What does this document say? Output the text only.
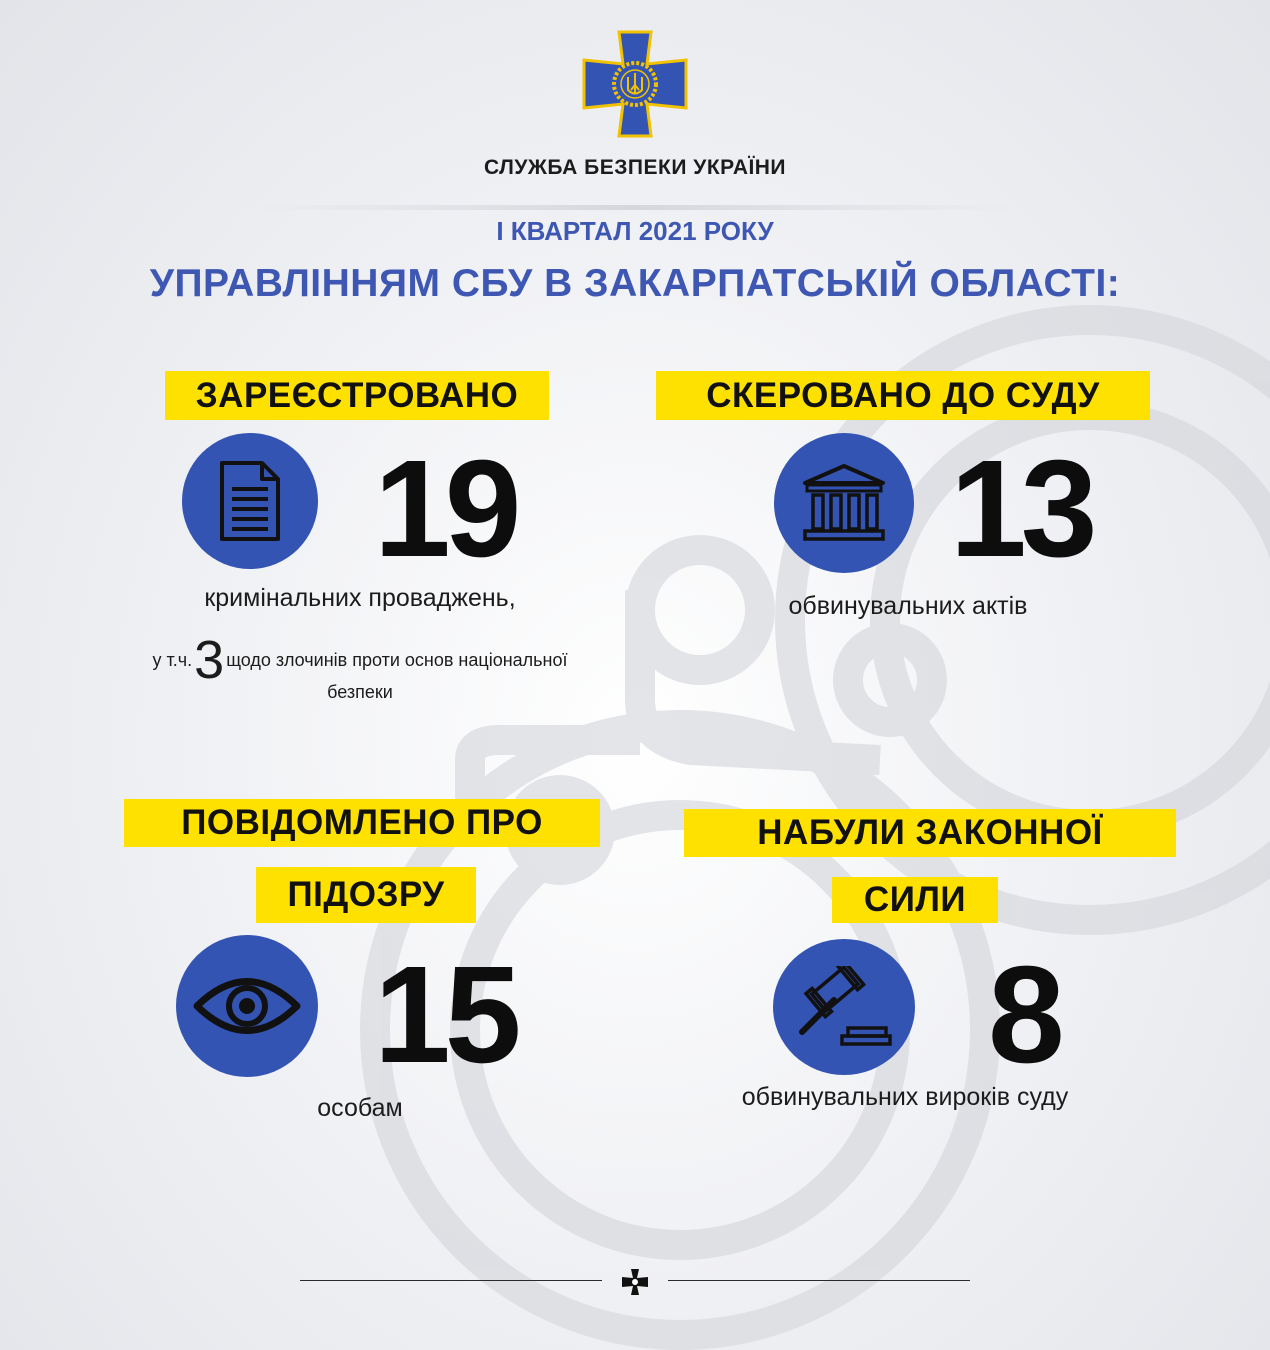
СЛУЖБА БЕЗПЕКИ УКРАЇНИ
І КВАРТАЛ 2021 РОКУ
УПРАВЛІННЯМ СБУ В ЗАКАРПАТСЬКІЙ ОБЛАСТІ:
ЗАРЕЄСТРОВАНО
19
кримінальних проваджень,
у т.ч.3 щодо злочинів проти основ національної
безпеки
СКЕРОВАНО ДО СУДУ
13
обвинувальних актів
ПОВІДОМЛЕНО ПРО
ПІДОЗРУ
15
особам
НАБУЛИ ЗАКОННОЇ
СИЛИ
8
обвинувальних вироків суду
